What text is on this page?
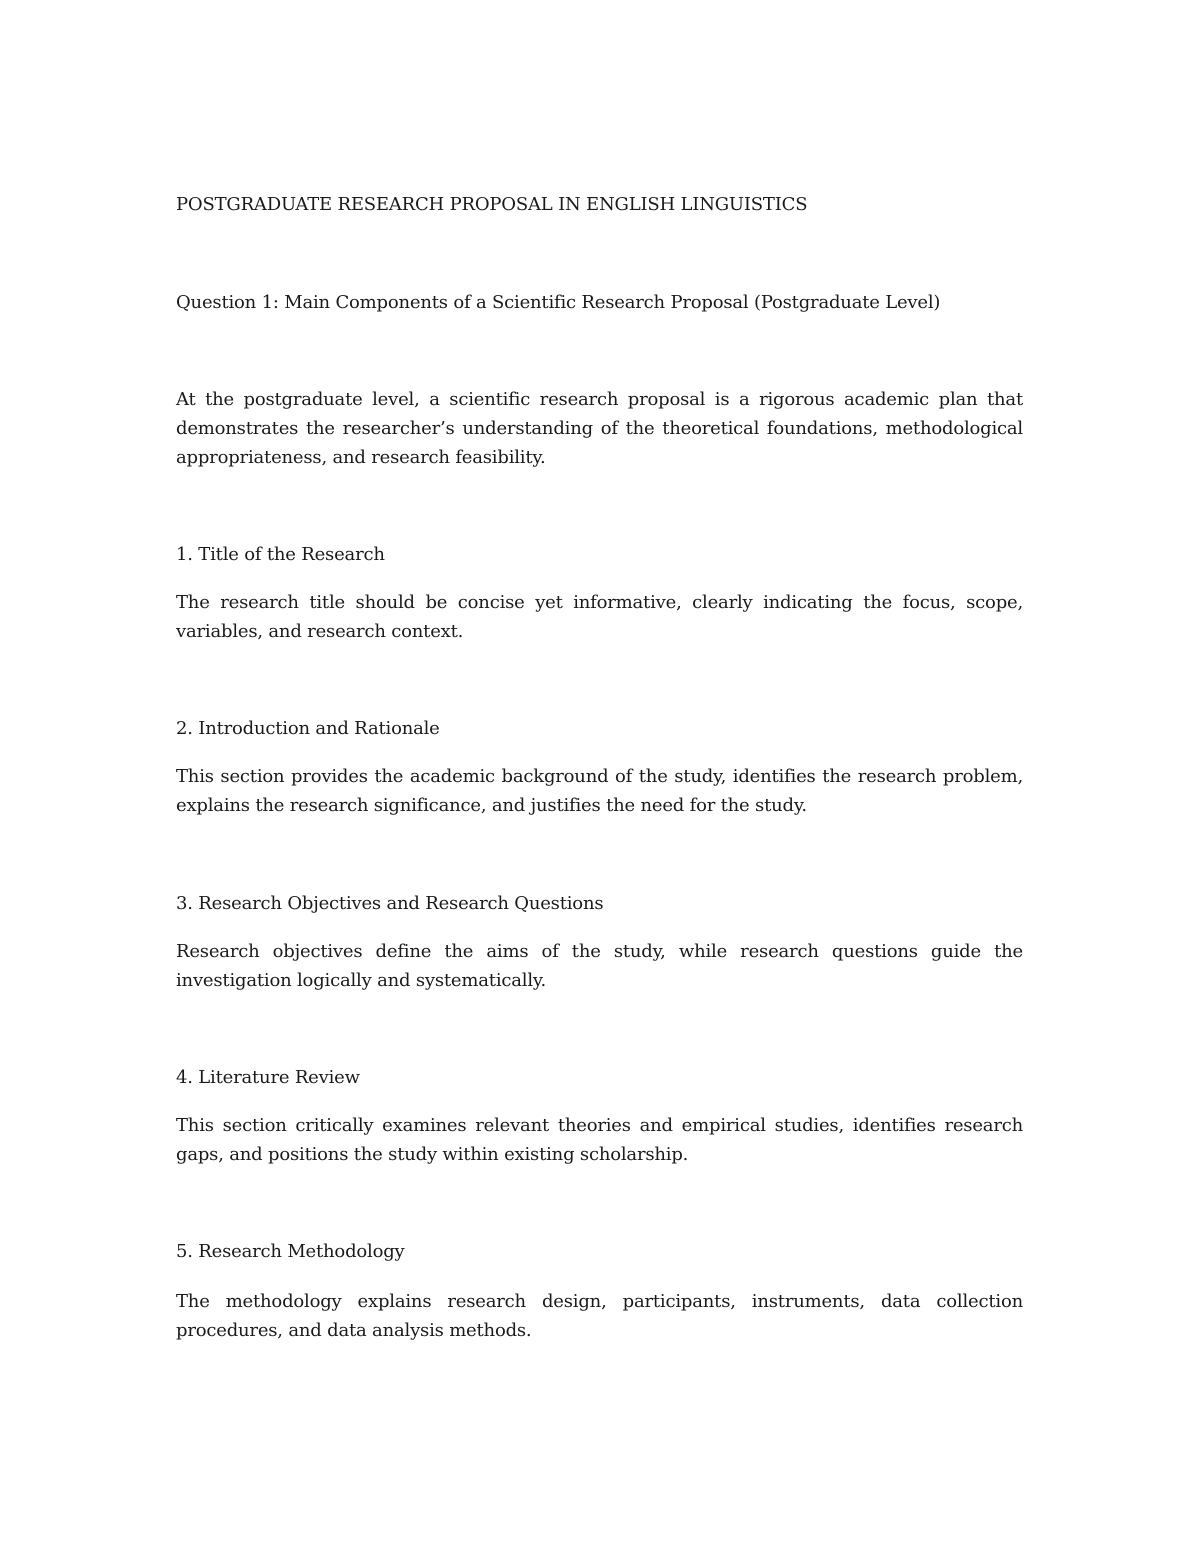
POSTGRADUATE RESEARCH PROPOSAL IN ENGLISH LINGUISTICS
Question 1: Main Components of a Scientific Research Proposal (Postgraduate Level)
At the postgraduate level, a scientific research proposal is a rigorous academic plan that demonstrates the researcher’s understanding of the theoretical foundations, methodological appropriateness, and research feasibility.
1. Title of the Research
The research title should be concise yet informative, clearly indicating the focus, scope, variables, and research context.
2. Introduction and Rationale
This section provides the academic background of the study, identifies the research problem, explains the research significance, and justifies the need for the study.
3. Research Objectives and Research Questions
Research objectives define the aims of the study, while research questions guide the investigation logically and systematically.
4. Literature Review
This section critically examines relevant theories and empirical studies, identifies research gaps, and positions the study within existing scholarship.
5. Research Methodology
The methodology explains research design, participants, instruments, data collection procedures, and data analysis methods.
